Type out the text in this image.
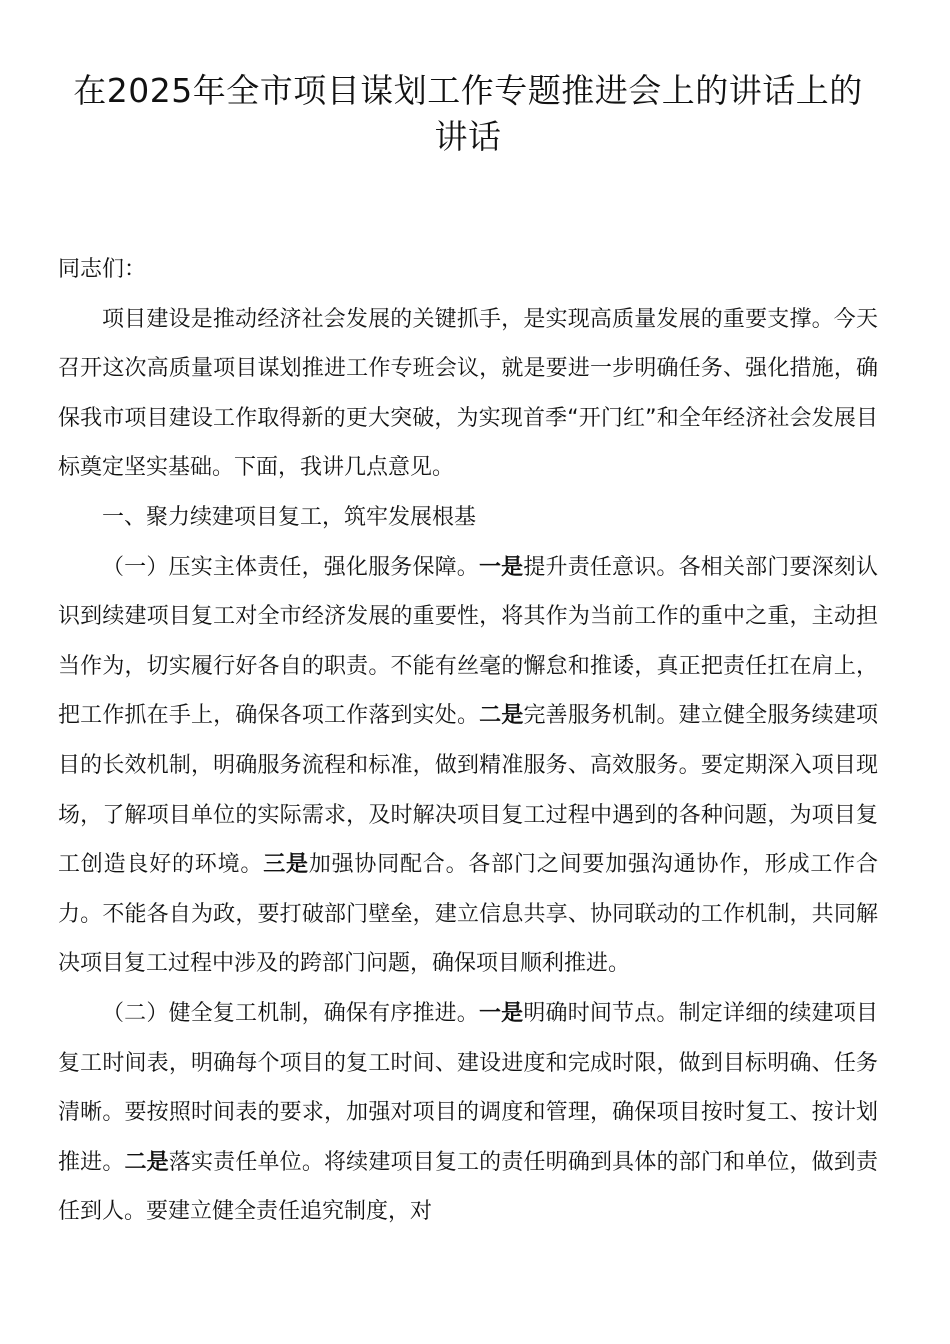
在2025年全市项目谋划工作专题推进会上的讲话上的讲话

同志们：

项目建设是推动经济社会发展的关键抓手，是实现高质量发展的重要支撑。今天召开这次高质量项目谋划推进工作专班会议，就是要进一步明确任务、强化措施，确保我市项目建设工作取得新的更大突破，为实现首季“开门红”和全年经济社会发展目标奠定坚实基础。下面，我讲几点意见。

一、聚力续建项目复工，筑牢发展根基

（一）压实主体责任，强化服务保障。一是提升责任意识。各相关部门要深刻认识到续建项目复工对全市经济发展的重要性，将其作为当前工作的重中之重，主动担当作为，切实履行好各自的职责。不能有丝毫的懈怠和推诿，真正把责任扛在肩上，把工作抓在手上，确保各项工作落到实处。二是完善服务机制。建立健全服务续建项目的长效机制，明确服务流程和标准，做到精准服务、高效服务。要定期深入项目现场，了解项目单位的实际需求，及时解决项目复工过程中遇到的各种问题，为项目复工创造良好的环境。三是加强协同配合。各部门之间要加强沟通协作，形成工作合力。不能各自为政，要打破部门壁垒，建立信息共享、协同联动的工作机制，共同解决项目复工过程中涉及的跨部门问题，确保项目顺利推进。

（二）健全复工机制，确保有序推进。一是明确时间节点。制定详细的续建项目复工时间表，明确每个项目的复工时间、建设进度和完成时限，做到目标明确、任务清晰。要按照时间表的要求，加强对项目的调度和管理，确保项目按时复工、按计划推进。二是落实责任单位。将续建项目复工的责任明确到具体的部门和单位，做到责任到人。要建立健全责任追究制度，对
